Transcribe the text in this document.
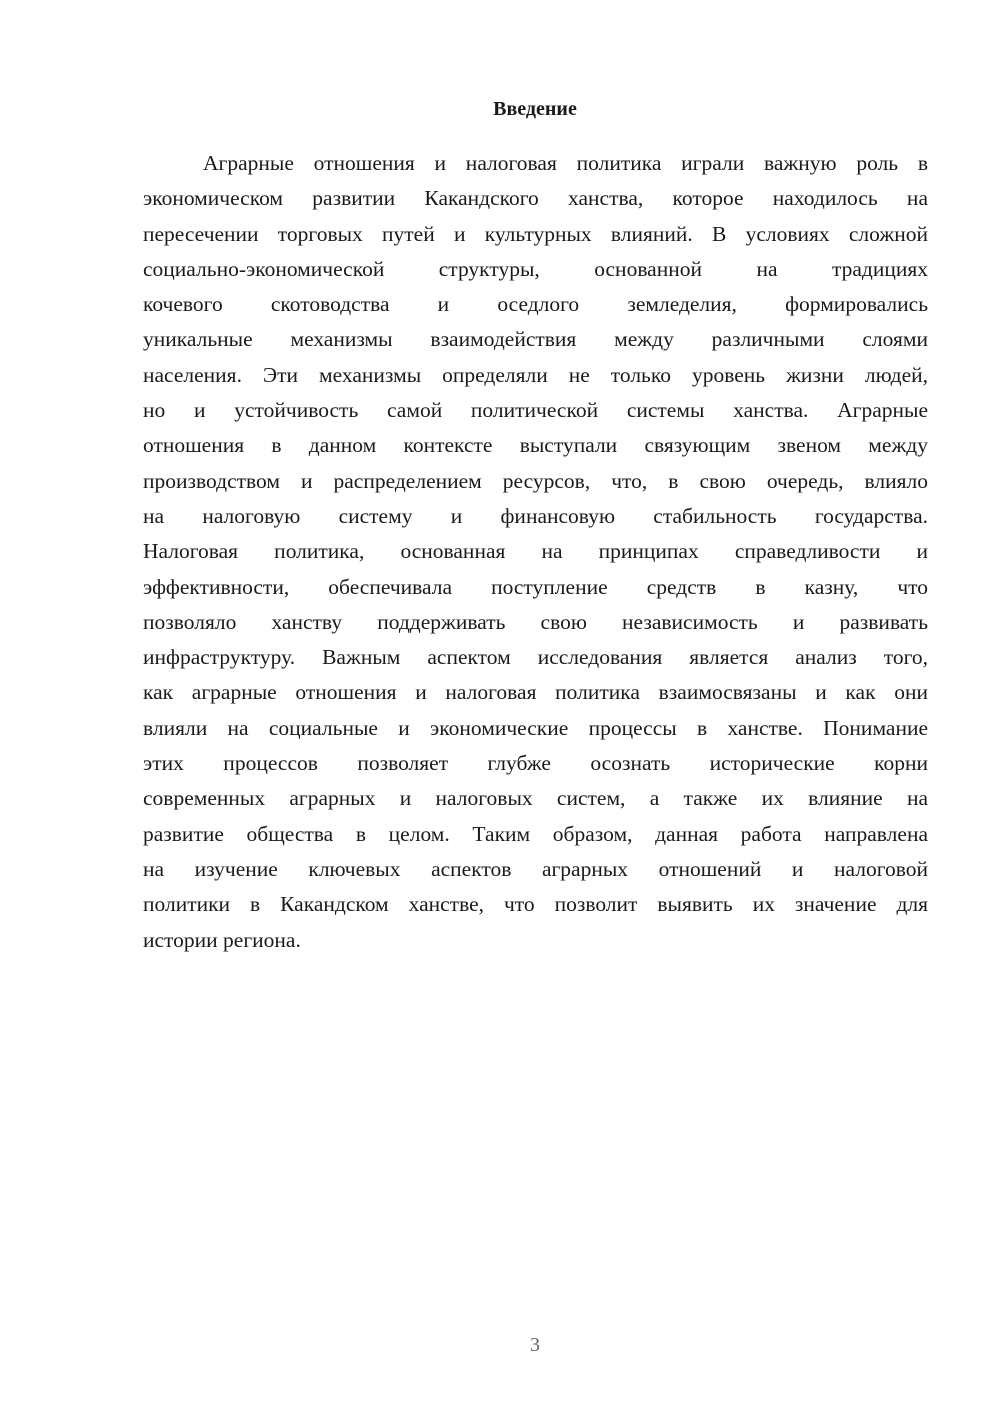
Введение
Аграрные отношения и налоговая политика играли важную роль в
экономическом развитии Какандского ханства, которое находилось на
пересечении торговых путей и культурных влияний. В условиях сложной
социально-экономической структуры, основанной на традициях
кочевого скотоводства и оседлого земледелия, формировались
уникальные механизмы взаимодействия между различными слоями
населения. Эти механизмы определяли не только уровень жизни людей,
но и устойчивость самой политической системы ханства. Аграрные
отношения в данном контексте выступали связующим звеном между
производством и распределением ресурсов, что, в свою очередь, влияло
на налоговую систему и финансовую стабильность государства.
Налоговая политика, основанная на принципах справедливости и
эффективности, обеспечивала поступление средств в казну, что
позволяло ханству поддерживать свою независимость и развивать
инфраструктуру. Важным аспектом исследования является анализ того,
как аграрные отношения и налоговая политика взаимосвязаны и как они
влияли на социальные и экономические процессы в ханстве. Понимание
этих процессов позволяет глубже осознать исторические корни
современных аграрных и налоговых систем, а также их влияние на
развитие общества в целом. Таким образом, данная работа направлена
на изучение ключевых аспектов аграрных отношений и налоговой
политики в Какандском ханстве, что позволит выявить их значение для
истории региона.
3
